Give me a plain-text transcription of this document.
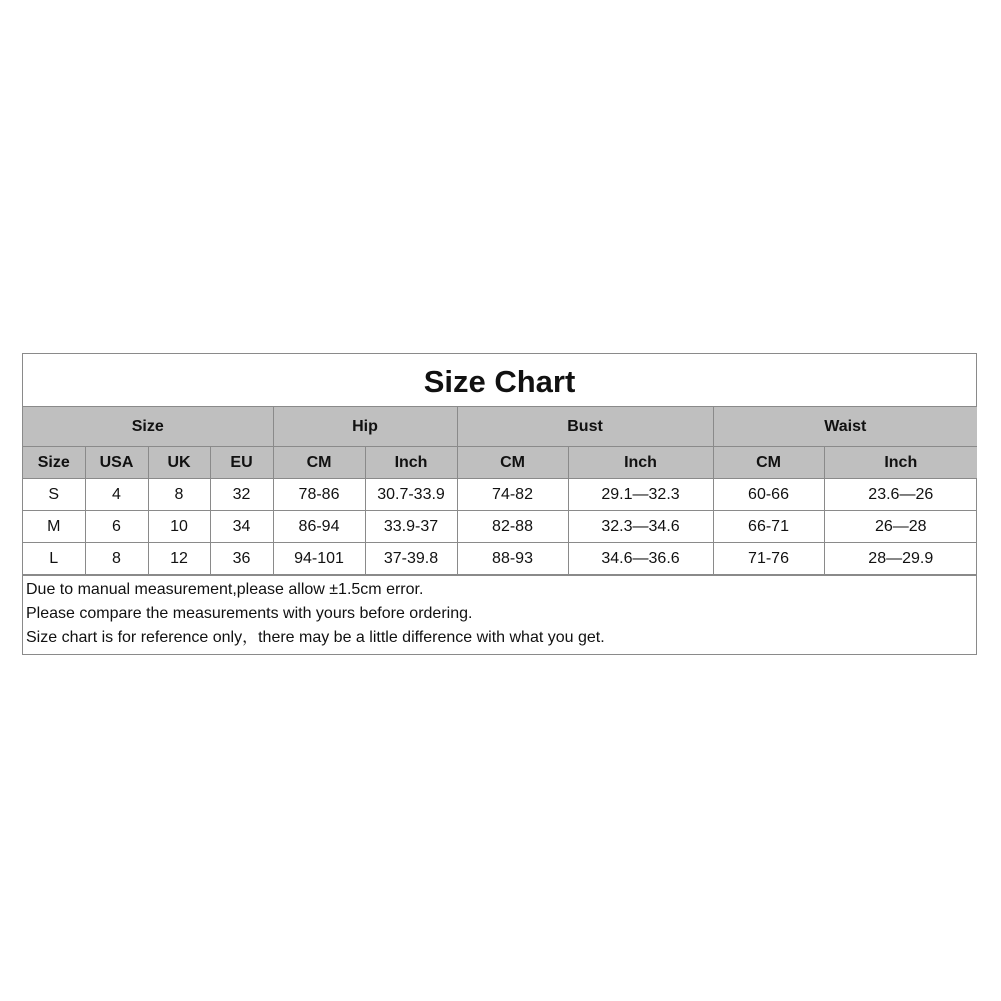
Size Chart
Size				Hip		Bust		Waist	
Size	USA	UK	EU	CM	Inch	CM	Inch	CM	Inch
S	4	8	32	78-86	30.7-33.9	74-82	29.1—32.3	60-66	23.6—26
M	6	10	34	86-94	33.9-37	82-88	32.3—34.6	66-71	26—28
L	8	12	36	94-101	37-39.8	88-93	34.6—36.6	71-76	28—29.9
Due to manual measurement,please allow ±1.5cm error.
Please compare the measurements with yours before ordering.
Size chart is for reference only，there may be a little difference with what you get.
